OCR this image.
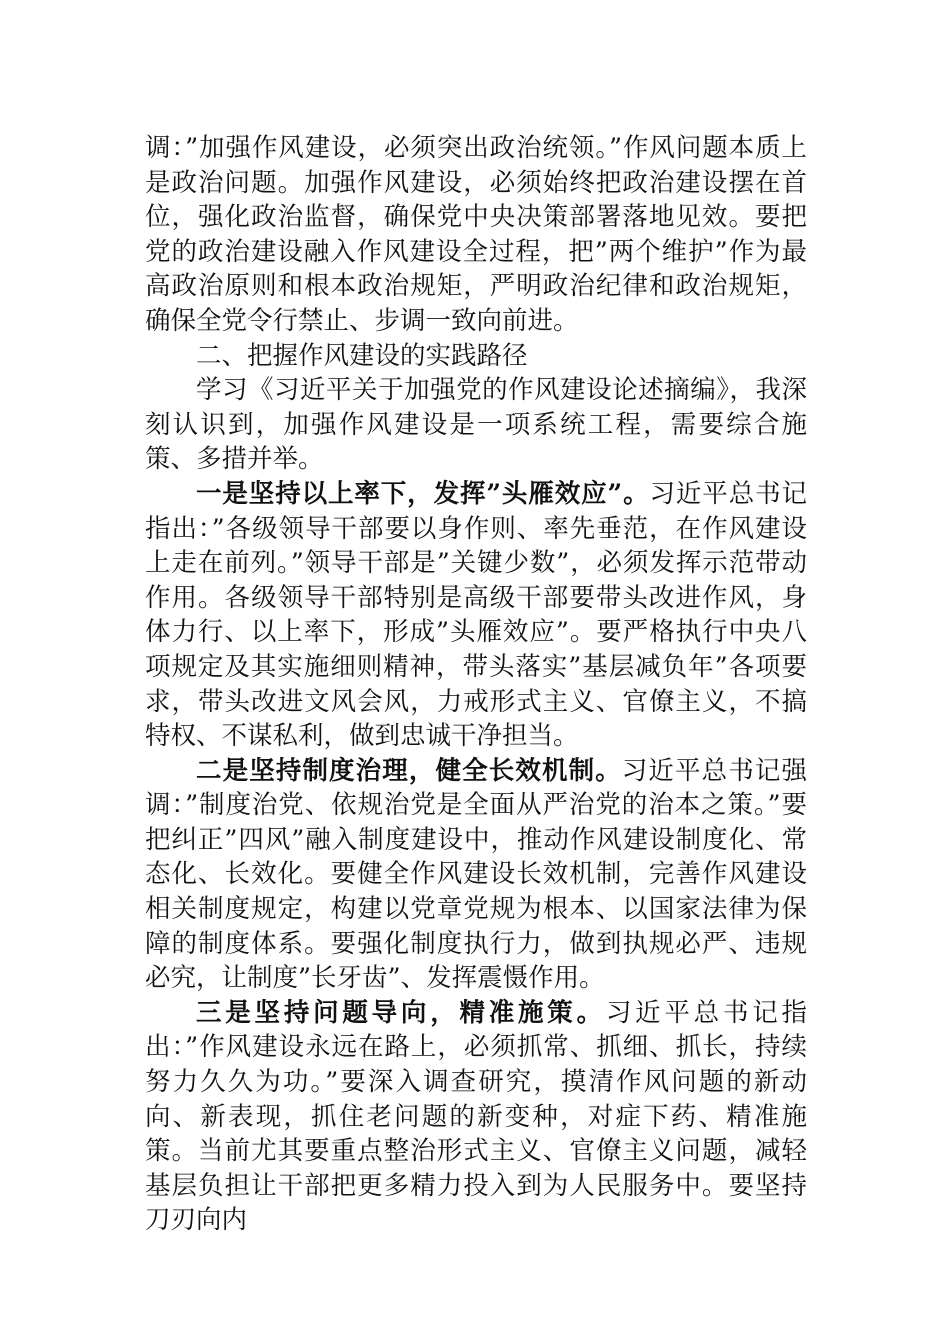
调：”加强作风建设，必须突出政治统领。”作风问题本质上是政治问题。加强作风建设，必须始终把政治建设摆在首位，强化政治监督，确保党中央决策部署落地见效。要把党的政治建设融入作风建设全过程，把”两个维护”作为最高政治原则和根本政治规矩，严明政治纪律和政治规矩，确保全党令行禁止、步调一致向前进。

二、把握作风建设的实践路径

学习《习近平关于加强党的作风建设论述摘编》，我深刻认识到，加强作风建设是一项系统工程，需要综合施策、多措并举。

一是坚持以上率下，发挥”头雁效应”。习近平总书记指出：”各级领导干部要以身作则、率先垂范，在作风建设上走在前列。”领导干部是”关键少数”，必须发挥示范带动作用。各级领导干部特别是高级干部要带头改进作风，身体力行、以上率下，形成”头雁效应”。要严格执行中央八项规定及其实施细则精神，带头落实”基层减负年”各项要求，带头改进文风会风，力戒形式主义、官僚主义，不搞特权、不谋私利，做到忠诚干净担当。

二是坚持制度治理，健全长效机制。习近平总书记强调：”制度治党、依规治党是全面从严治党的治本之策。”要把纠正”四风”融入制度建设中，推动作风建设制度化、常态化、长效化。要健全作风建设长效机制，完善作风建设相关制度规定，构建以党章党规为根本、以国家法律为保障的制度体系。要强化制度执行力，做到执规必严、违规必究，让制度”长牙齿”、发挥震慑作用。

三是坚持问题导向，精准施策。习近平总书记指出：”作风建设永远在路上，必须抓常、抓细、抓长，持续努力久久为功。”要深入调查研究，摸清作风问题的新动向、新表现，抓住老问题的新变种，对症下药、精准施策。当前尤其要重点整治形式主义、官僚主义问题，减轻基层负担让干部把更多精力投入到为人民服务中。要坚持刀刃向内
